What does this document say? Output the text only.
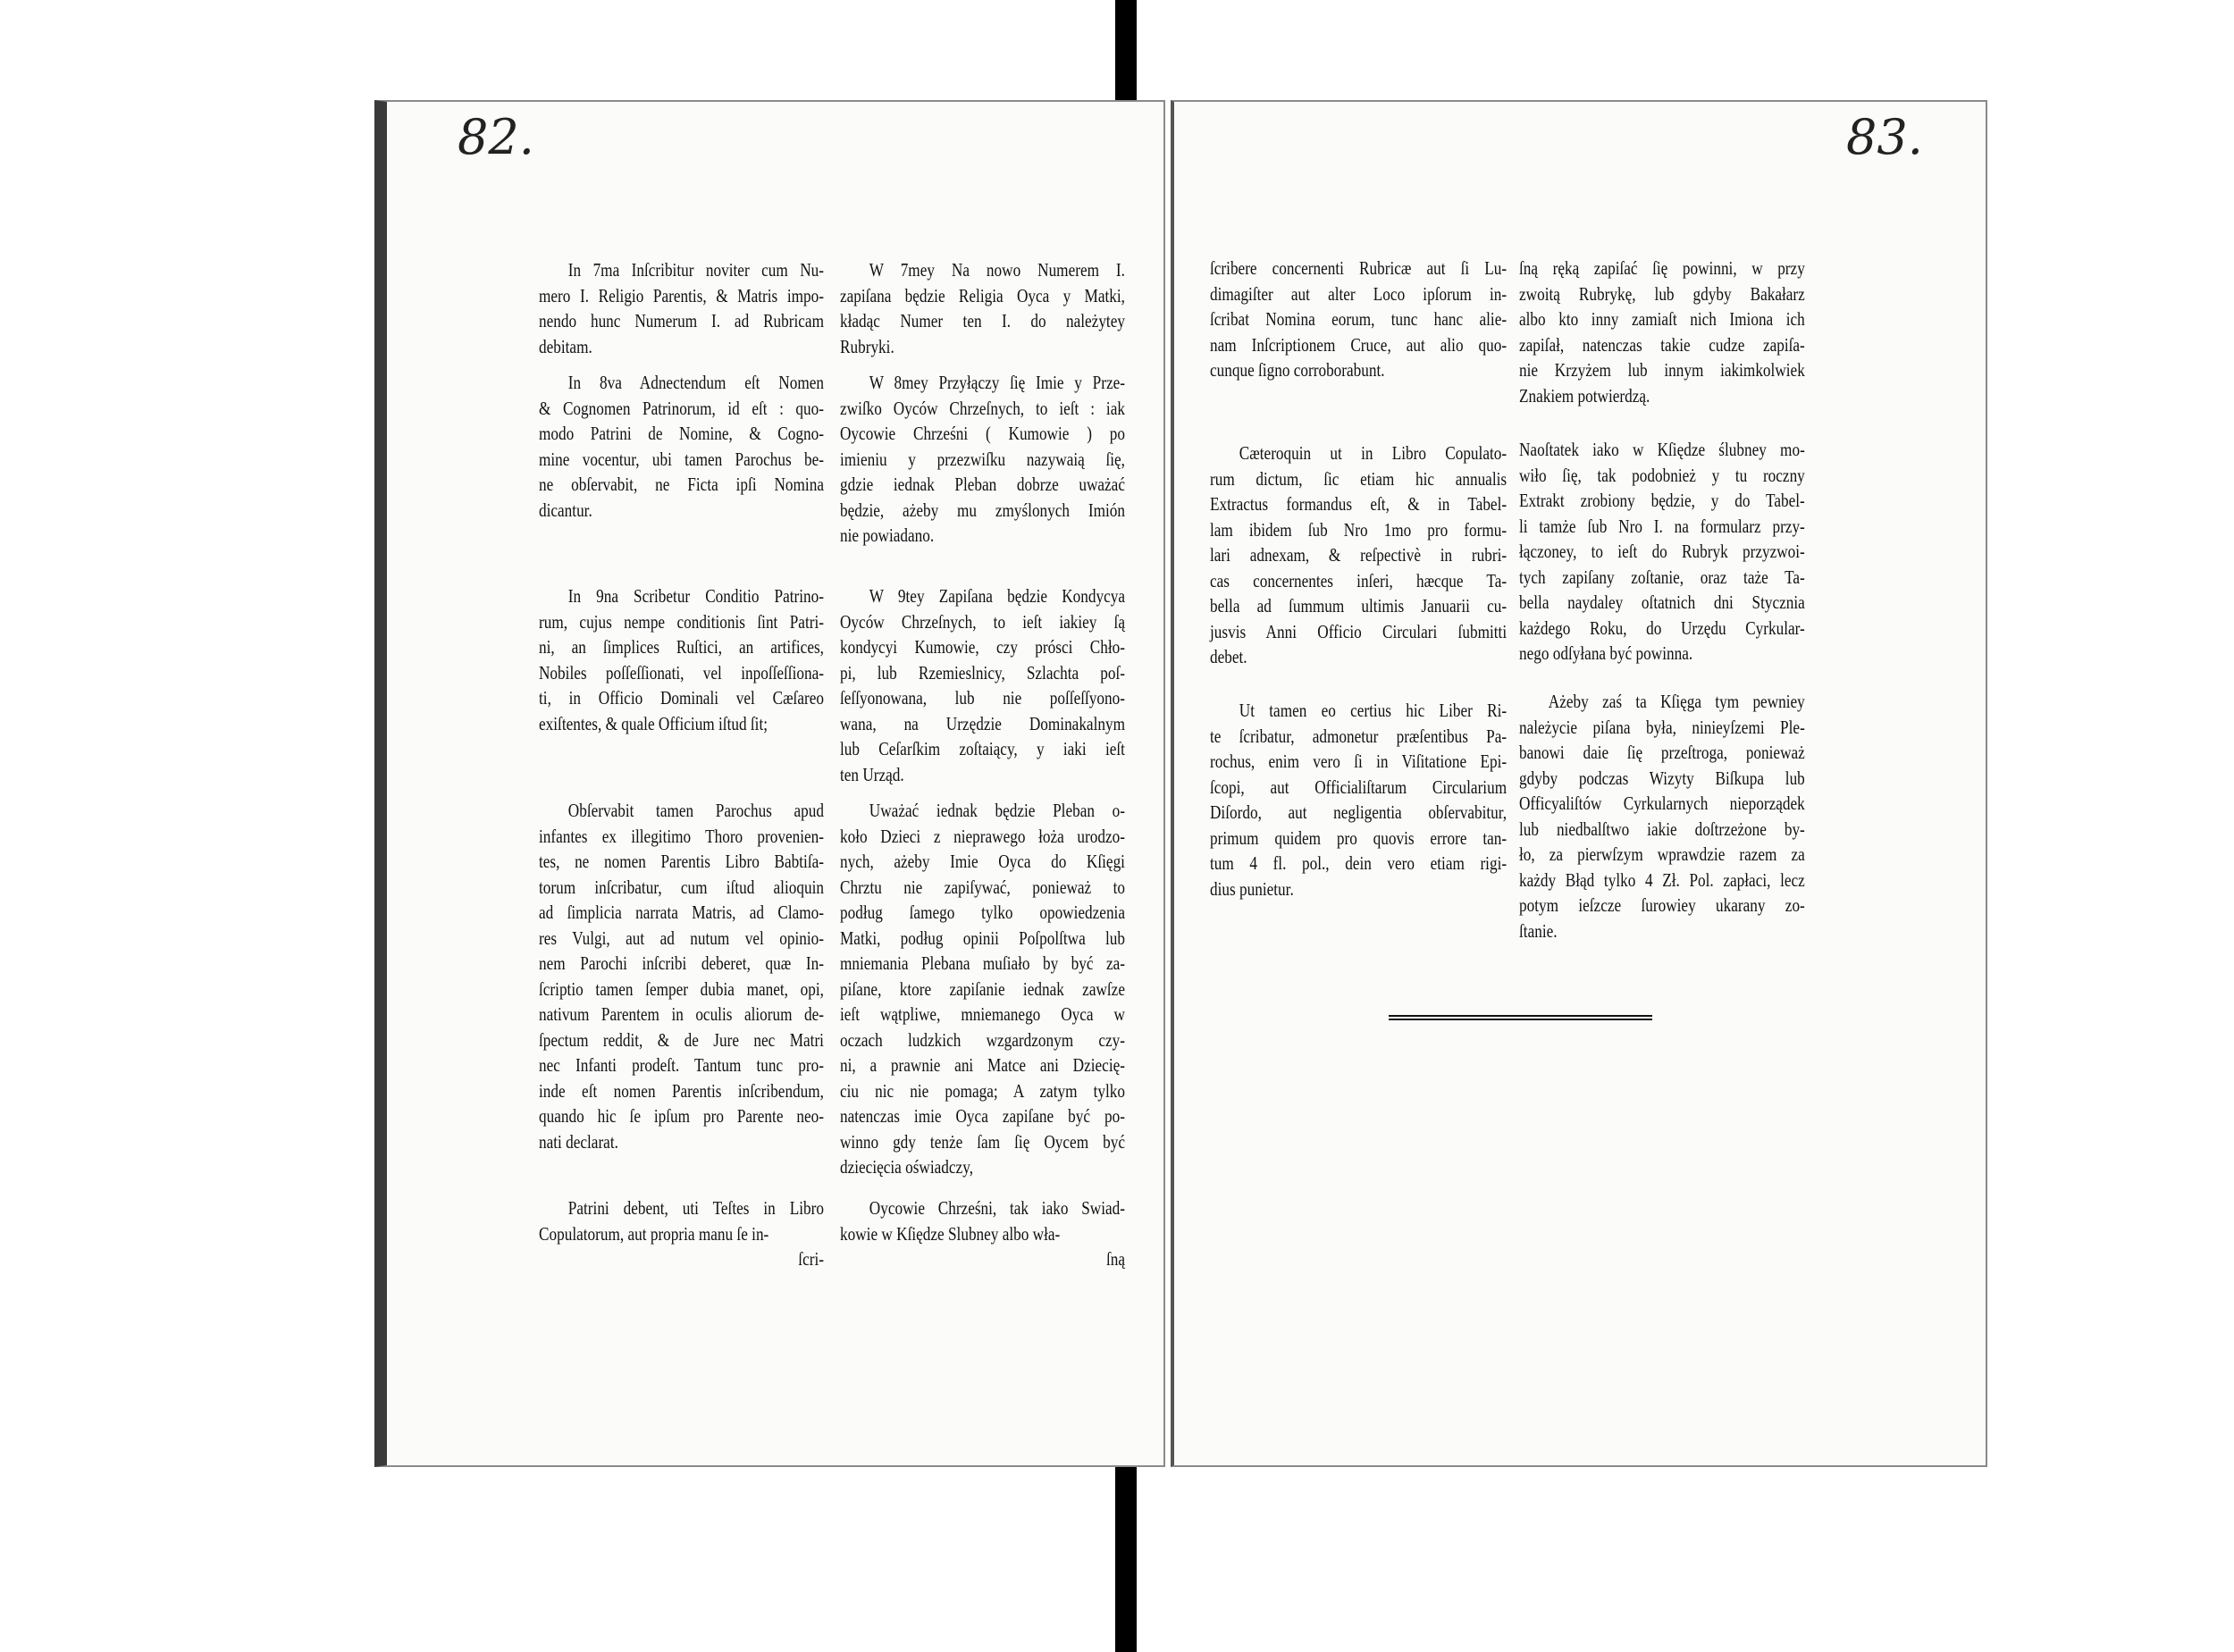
82.	83.
In 7ma Inſcribitur noviter cum Nu-
mero I. Religio Parentis, & Matris impo-
nendo hunc Numerum I. ad Rubricam
debitam.
In 8va Adnectendum eſt Nomen
& Cognomen Patrinorum, id eſt : quo-
modo Patrini de Nomine, & Cogno-
mine vocentur, ubi tamen Parochus be-
ne obſervabit, ne Ficta ipſi Nomina
dicantur.
In 9na Scribetur Conditio Patrino-
rum, cujus nempe conditionis ſint Patri-
ni, an ſimplices Ruſtici, an artifices,
Nobiles poſſeſſionati, vel inpoſſeſſiona-
ti, in Officio Dominali vel Cæſareo
exiſtentes, & quale Officium iſtud ſit;
Obſervabit tamen Parochus apud
infantes ex illegitimo Thoro provenien-
tes, ne nomen Parentis Libro Babtiſa-
torum inſcribatur, cum iſtud alioquin
ad ſimplicia narrata Matris, ad Clamo-
res Vulgi, aut ad nutum vel opinio-
nem Parochi inſcribi deberet, quæ In-
ſcriptio tamen ſemper dubia manet, opi,
nativum Parentem in oculis aliorum de-
ſpectum reddit, & de Jure nec Matri
nec Infanti prodeſt. Tantum tunc pro-
inde eſt nomen Parentis inſcribendum,
quando hic ſe ipſum pro Parente neo-
nati declarat.
Patrini debent, uti Teſtes in Libro
Copulatorum, aut propria manu ſe in-
ſcri-
W 7mey Na nowo Numerem I.
zapiſana będzie Religia Oyca y Matki,
kładąc Numer ten I. do należytey
Rubryki.
W 8mey Przyłączy ſię Imie y Prze-
zwiſko Oyców Chrzeſnych, to ieſt : iak
Oycowie Chrześni ( Kumowie ) po
imieniu y przezwiſku nazywaią ſię,
gdzie iednak Pleban dobrze uważać
będzie, ażeby mu zmyślonych Imión
nie powiadano.
W 9tey Zapiſana będzie Kondycya
Oyców Chrzeſnych, to ieſt iakiey ſą
kondycyi Kumowie, czy prósci Chło-
pi, lub Rzemieslnicy, Szlachta poſ-
ſeſſyonowana, lub nie poſſeſſyono-
wana, na Urzędzie Dominakalnym
lub Ceſarſkim zoſtaiący, y iaki ieſt
ten Urząd.
Uważać iednak będzie Pleban o-
koło Dzieci z nieprawego łoża urodzo-
nych, ażeby Imie Oyca do Kſięgi
Chrztu nie zapiſywać, ponieważ to
podług ſamego tylko opowiedzenia
Matki, podług opinii Poſpolſtwa lub
mniemania Plebana muſiało by być za-
piſane, ktore zapiſanie iednak zawſze
ieſt wątpliwe, mniemanego Oyca w
oczach ludzkich wzgardzonym czy-
ni, a prawnie ani Matce ani Dziecię-
ciu nic nie pomaga; A zatym tylko
natenczas imie Oyca zapiſane być po-
winno gdy tenże ſam ſię Oycem być
dziecięcia oświadczy,
Oycowie Chrześni, tak iako Swiad-
kowie w Kſiędze Slubney albo wła-
ſną
ſcribere concernenti Rubricæ aut ſi Lu-
dimagiſter aut alter Loco ipſorum in-
ſcribat Nomina eorum, tunc hanc alie-
nam Inſcriptionem Cruce, aut alio quo-
cunque ſigno corroborabunt.
Cæteroquin ut in Libro Copulato-
rum dictum, ſic etiam hic annualis
Extractus formandus eſt, & in Tabel-
lam ibidem ſub Nro 1mo pro formu-
lari adnexam, & reſpectivè in rubri-
cas concernentes inſeri, hæcque Ta-
bella ad ſummum ultimis Januarii cu-
jusvis Anni Officio Circulari ſubmitti
debet.
Ut tamen eo certius hic Liber Ri-
te ſcribatur, admonetur præſentibus Pa-
rochus, enim vero ſi in Viſitatione Epi-
ſcopi, aut Officialiſtarum Circularium
Diſordo, aut negligentia obſervabitur,
primum quidem pro quovis errore tan-
tum 4 fl. pol., dein vero etiam rigi-
dius punietur.
ſną ręką zapiſać ſię powinni, w przy
zwoitą Rubrykę, lub gdyby Bakałarz
albo kto inny zamiaſt nich Imiona ich
zapiſał, natenczas takie cudze zapiſa-
nie Krzyżem lub innym iakimkolwiek
Znakiem potwierdzą.
Naoſtatek iako w Kſiędze ślubney mo-
wiło ſię, tak podobnież y tu roczny
Extrakt zrobiony będzie, y do Tabel-
li tamże ſub Nro I. na formularz przy-
łączoney, to ieſt do Rubryk przyzwoi-
tych zapiſany zoſtanie, oraz taże Ta-
bella naydaley oſtatnich dni Stycznia
każdego Roku, do Urzędu Cyrkular-
nego odſyłana być powinna.
Ażeby zaś ta Kſięga tym pewniey
należycie piſana była, ninieyſzemi Ple-
banowi daie ſię przeſtroga, ponieważ
gdyby podczas Wizyty Biſkupa lub
Officyaliſtów Cyrkularnych nieporządek
lub niedbalſtwo iakie doſtrzeżone by-
ło, za pierwſzym wprawdzie razem za
każdy Błąd tylko 4 Zł. Pol. zapłaci, lecz
potym ieſzcze ſurowiey ukarany zo-
ſtanie.
